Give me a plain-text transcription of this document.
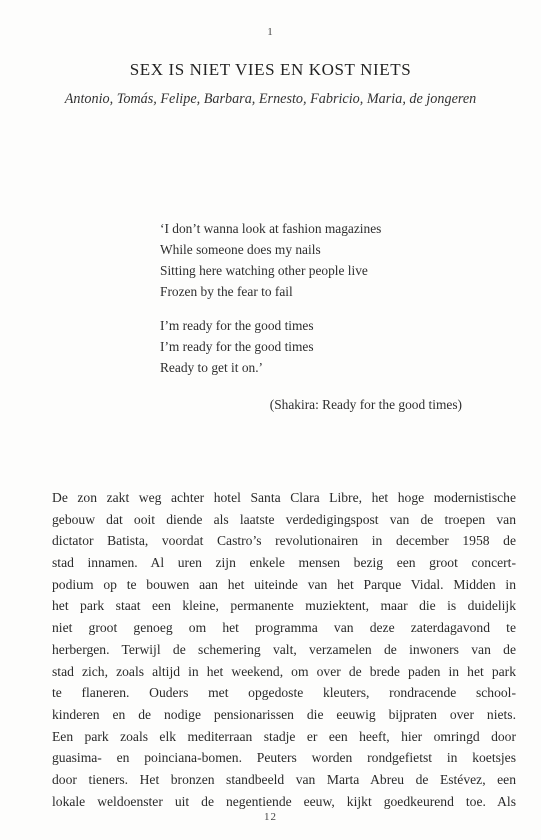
1
SEX IS NIET VIES EN KOST NIETS
Antonio, Tomás, Felipe, Barbara, Ernesto, Fabricio, Maria, de jongeren
‘I don’t wanna look at fashion magazines
While someone does my nails
Sitting here watching other people live
Frozen by the fear to fail
I’m ready for the good times
I’m ready for the good times
Ready to get it on.’
(Shakira: Ready for the good times)
De zon zakt weg achter hotel Santa Clara Libre, het hoge modernistische
gebouw dat ooit diende als laatste verdedigingspost van de troepen van
dictator Batista, voordat Castro’s revolutionairen in december 1958 de
stad innamen. Al uren zijn enkele mensen bezig een groot concert-
podium op te bouwen aan het uiteinde van het Parque Vidal. Midden in
het park staat een kleine, permanente muziektent, maar die is duidelijk
niet groot genoeg om het programma van deze zaterdagavond te
herbergen. Terwijl de schemering valt, verzamelen de inwoners van de
stad zich, zoals altijd in het weekend, om over de brede paden in het park
te flaneren. Ouders met opgedoste kleuters, rondracende school-
kinderen en de nodige pensionarissen die eeuwig bijpraten over niets.
Een park zoals elk mediterraan stadje er een heeft, hier omringd door
guasima- en poinciana-bomen. Peuters worden rondgefietst in koetsjes
door tieners. Het bronzen standbeeld van Marta Abreu de Estévez, een
lokale weldoenster uit de negentiende eeuw, kijkt goedkeurend toe. Als
12
